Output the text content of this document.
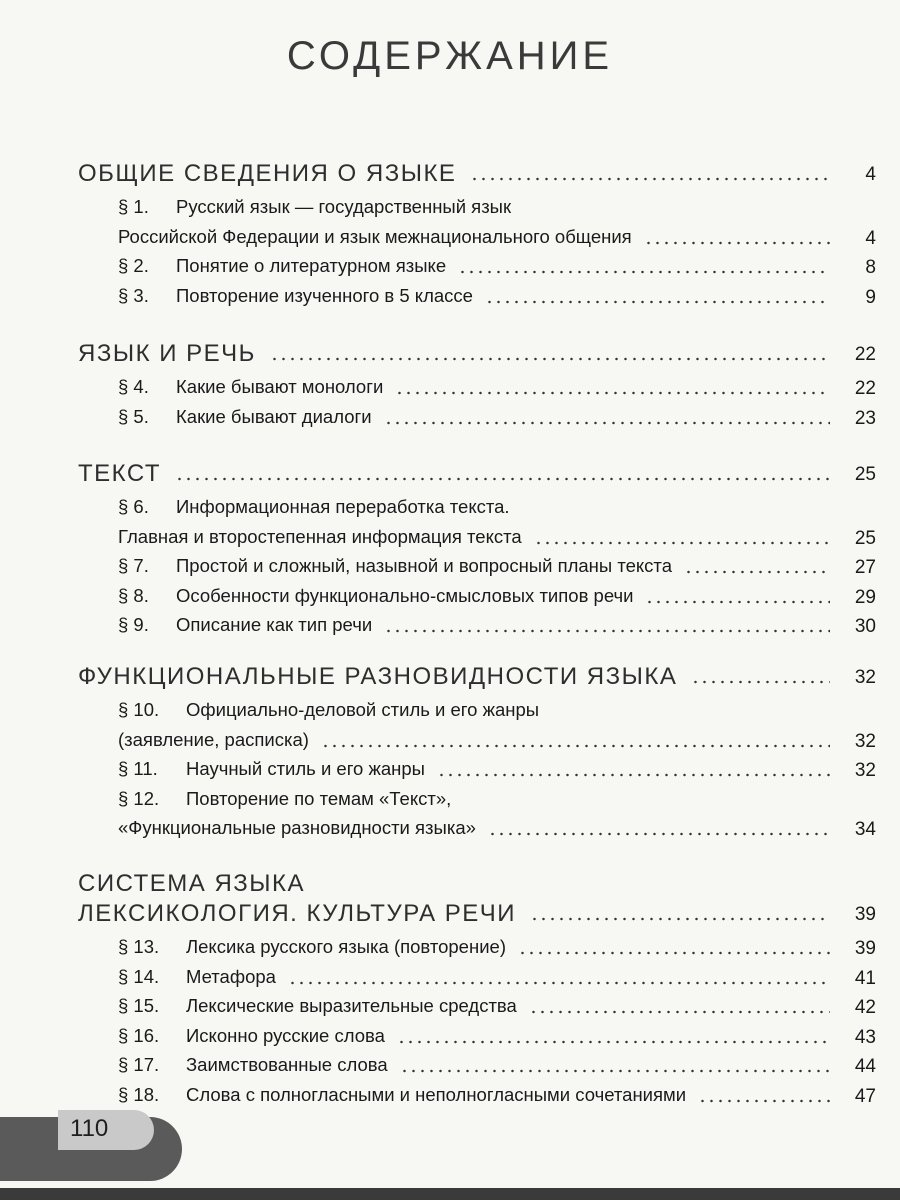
СОДЕРЖАНИЕ
ОБЩИЕ СВЕДЕНИЯ О ЯЗЫКЕ	4
§ 1. Русский язык — государственный язык
Российской Федерации и язык межнационального общения	4
§ 2. Понятие о литературном языке	8
§ 3. Повторение изученного в 5 классе	9
ЯЗЫК И РЕЧЬ	22
§ 4. Какие бывают монологи	22
§ 5. Какие бывают диалоги	23
ТЕКСТ	25
§ 6. Информационная переработка текста.
Главная и второстепенная информация текста	25
§ 7. Простой и сложный, назывной и вопросный планы текста	27
§ 8. Особенности функционально-смысловых типов речи	29
§ 9. Описание как тип речи	30
ФУНКЦИОНАЛЬНЫЕ РАЗНОВИДНОСТИ ЯЗЫКА	32
§ 10. Официально-деловой стиль и его жанры
(заявление, расписка)	32
§ 11. Научный стиль и его жанры	32
§ 12. Повторение по темам «Текст»,
«Функциональные разновидности языка»	34
СИСТЕМА ЯЗЫКА
ЛЕКСИКОЛОГИЯ. КУЛЬТУРА РЕЧИ	39
§ 13. Лексика русского языка (повторение)	39
§ 14. Метафора	41
§ 15. Лексические выразительные средства	42
§ 16. Исконно русские слова	43
§ 17. Заимствованные слова	44
§ 18. Слова с полногласными и неполногласными сочетаниями	47
110
